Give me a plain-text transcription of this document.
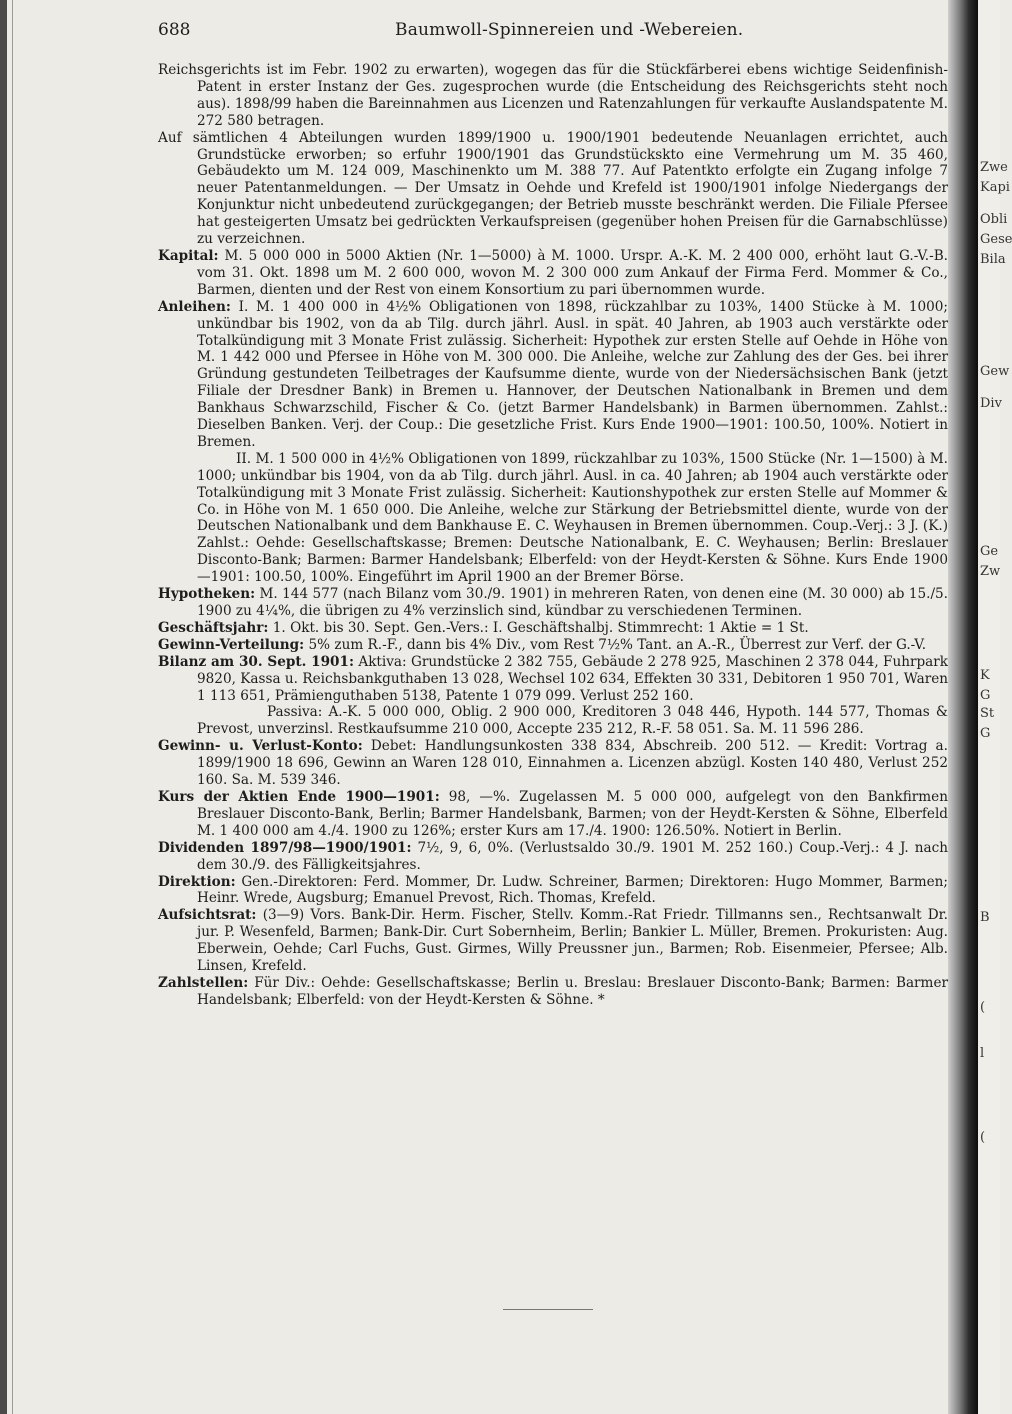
688	Baumwoll-Spinnereien und -Webereien.

Reichsgerichts ist im Febr. 1902 zu erwarten), wogegen das für die Stückfärberei ebens wichtige Seidenfinish-Patent in erster Instanz der Ges. zugesprochen wurde (die Entscheidung des Reichsgerichts steht noch aus). 1898/99 haben die Bareinnahmen aus Licenzen und Ratenzahlungen für verkaufte Auslandspatente M. 272 580 betragen.

Auf sämtlichen 4 Abteilungen wurden 1899/1900 u. 1900/1901 bedeutende Neuanlagen errichtet, auch Grundstücke erworben; so erfuhr 1900/1901 das Grundstückskto eine Vermehrung um M. 35 460, Gebäudekto um M. 124 009, Maschinenkto um M. 388 77. Auf Patentkto erfolgte ein Zugang infolge 7 neuer Patentanmeldungen. — Der Umsatz in Oehde und Krefeld ist 1900/1901 infolge Niedergangs der Konjunktur nicht unbedeutend zurückgegangen; der Betrieb musste beschränkt werden. Die Filiale Pfersee hat gesteigerten Umsatz bei gedrückten Verkaufspreisen (gegenüber hohen Preisen für die Garnabschlüsse) zu verzeichnen.

Kapital: M. 5 000 000 in 5000 Aktien (Nr. 1—5000) à M. 1000. Urspr. A.-K. M. 2 400 000, erhöht laut G.-V.-B. vom 31. Okt. 1898 um M. 2 600 000, wovon M. 2 300 000 zum Ankauf der Firma Ferd. Mommer & Co., Barmen, dienten und der Rest von einem Konsortium zu pari übernommen wurde.

Anleihen: I. M. 1 400 000 in 4½% Obligationen von 1898, rückzahlbar zu 103%, 1400 Stücke à M. 1000; unkündbar bis 1902, von da ab Tilg. durch jährl. Ausl. in spät. 40 Jahren, ab 1903 auch verstärkte oder Totalkündigung mit 3 Monate Frist zulässig. Sicherheit: Hypothek zur ersten Stelle auf Oehde in Höhe von M. 1 442 000 und Pfersee in Höhe von M. 300 000. Die Anleihe, welche zur Zahlung des der Ges. bei ihrer Gründung gestundeten Teilbetrages der Kaufsumme diente, wurde von der Niedersächsischen Bank (jetzt Filiale der Dresdner Bank) in Bremen u. Hannover, der Deutschen Nationalbank in Bremen und dem Bankhaus Schwarzschild, Fischer & Co. (jetzt Barmer Handelsbank) in Barmen übernommen. Zahlst.: Dieselben Banken. Verj. der Coup.: Die gesetzliche Frist. Kurs Ende 1900—1901: 100.50, 100%. Notiert in Bremen.

II. M. 1 500 000 in 4½% Obligationen von 1899, rückzahlbar zu 103%, 1500 Stücke (Nr. 1—1500) à M. 1000; unkündbar bis 1904, von da ab Tilg. durch jährl. Ausl. in ca. 40 Jahren; ab 1904 auch verstärkte oder Totalkündigung mit 3 Monate Frist zulässig. Sicherheit: Kautionshypothek zur ersten Stelle auf Mommer & Co. in Höhe von M. 1 650 000. Die Anleihe, welche zur Stärkung der Betriebsmittel diente, wurde von der Deutschen Nationalbank und dem Bankhause E. C. Weyhausen in Bremen übernommen. Coup.-Verj.: 3 J. (K.) Zahlst.: Oehde: Gesellschaftskasse; Bremen: Deutsche Nationalbank, E. C. Weyhausen; Berlin: Breslauer Disconto-Bank; Barmen: Barmer Handelsbank; Elberfeld: von der Heydt-Kersten & Söhne. Kurs Ende 1900—1901: 100.50, 100%. Eingeführt im April 1900 an der Bremer Börse.

Hypotheken: M. 144 577 (nach Bilanz vom 30./9. 1901) in mehreren Raten, von denen eine (M. 30 000) ab 15./5. 1900 zu 4¼%, die übrigen zu 4% verzinslich sind, kündbar zu verschiedenen Terminen.

Geschäftsjahr: 1. Okt. bis 30. Sept. Gen.-Vers.: I. Geschäftshalbj. Stimmrecht: 1 Aktie = 1 St.

Gewinn-Verteilung: 5% zum R.-F., dann bis 4% Div., vom Rest 7½% Tant. an A.-R., Überrest zur Verf. der G.-V.

Bilanz am 30. Sept. 1901: Aktiva: Grundstücke 2 382 755, Gebäude 2 278 925, Maschinen 2 378 044, Fuhrpark 9820, Kassa u. Reichsbankguthaben 13 028, Wechsel 102 634, Effekten 30 331, Debitoren 1 950 701, Waren 1 113 651, Prämienguthaben 5138, Patente 1 079 099. Verlust 252 160.

Passiva: A.-K. 5 000 000, Oblig. 2 900 000, Kreditoren 3 048 446, Hypoth. 144 577, Thomas & Prevost, unverzinsl. Restkaufsumme 210 000, Accepte 235 212, R.-F. 58 051. Sa. M. 11 596 286.

Gewinn- u. Verlust-Konto: Debet: Handlungsunkosten 338 834, Abschreib. 200 512. — Kredit: Vortrag a. 1899/1900 18 696, Gewinn an Waren 128 010, Einnahmen a. Licenzen abzügl. Kosten 140 480, Verlust 252 160. Sa. M. 539 346.

Kurs der Aktien Ende 1900—1901: 98, —%. Zugelassen M. 5 000 000, aufgelegt von den Bankfirmen Breslauer Disconto-Bank, Berlin; Barmer Handelsbank, Barmen; von der Heydt-Kersten & Söhne, Elberfeld M. 1 400 000 am 4./4. 1900 zu 126%; erster Kurs am 17./4. 1900: 126.50%. Notiert in Berlin.

Dividenden 1897/98—1900/1901: 7½, 9, 6, 0%. (Verlustsaldo 30./9. 1901 M. 252 160.) Coup.-Verj.: 4 J. nach dem 30./9. des Fälligkeitsjahres.

Direktion: Gen.-Direktoren: Ferd. Mommer, Dr. Ludw. Schreiner, Barmen; Direktoren: Hugo Mommer, Barmen; Heinr. Wrede, Augsburg; Emanuel Prevost, Rich. Thomas, Krefeld.

Aufsichtsrat: (3—9) Vors. Bank-Dir. Herm. Fischer, Stellv. Komm.-Rat Friedr. Tillmanns sen., Rechtsanwalt Dr. jur. P. Wesenfeld, Barmen; Bank-Dir. Curt Sobernheim, Berlin; Bankier L. Müller, Bremen. Prokuristen: Aug. Eberwein, Oehde; Carl Fuchs, Gust. Girmes, Willy Preussner jun., Barmen; Rob. Eisenmeier, Pfersee; Alb. Linsen, Krefeld.

Zahlstellen: Für Div.: Oehde: Gesellschaftskasse; Berlin u. Breslau: Breslauer Disconto-Bank; Barmen: Barmer Handelsbank; Elberfeld: von der Heydt-Kersten & Söhne. *

Zwe
Kapi
Obli
Gese
Bila
Gew
Div
Ge
Zw
K
G
St
G
B
(
l
(
